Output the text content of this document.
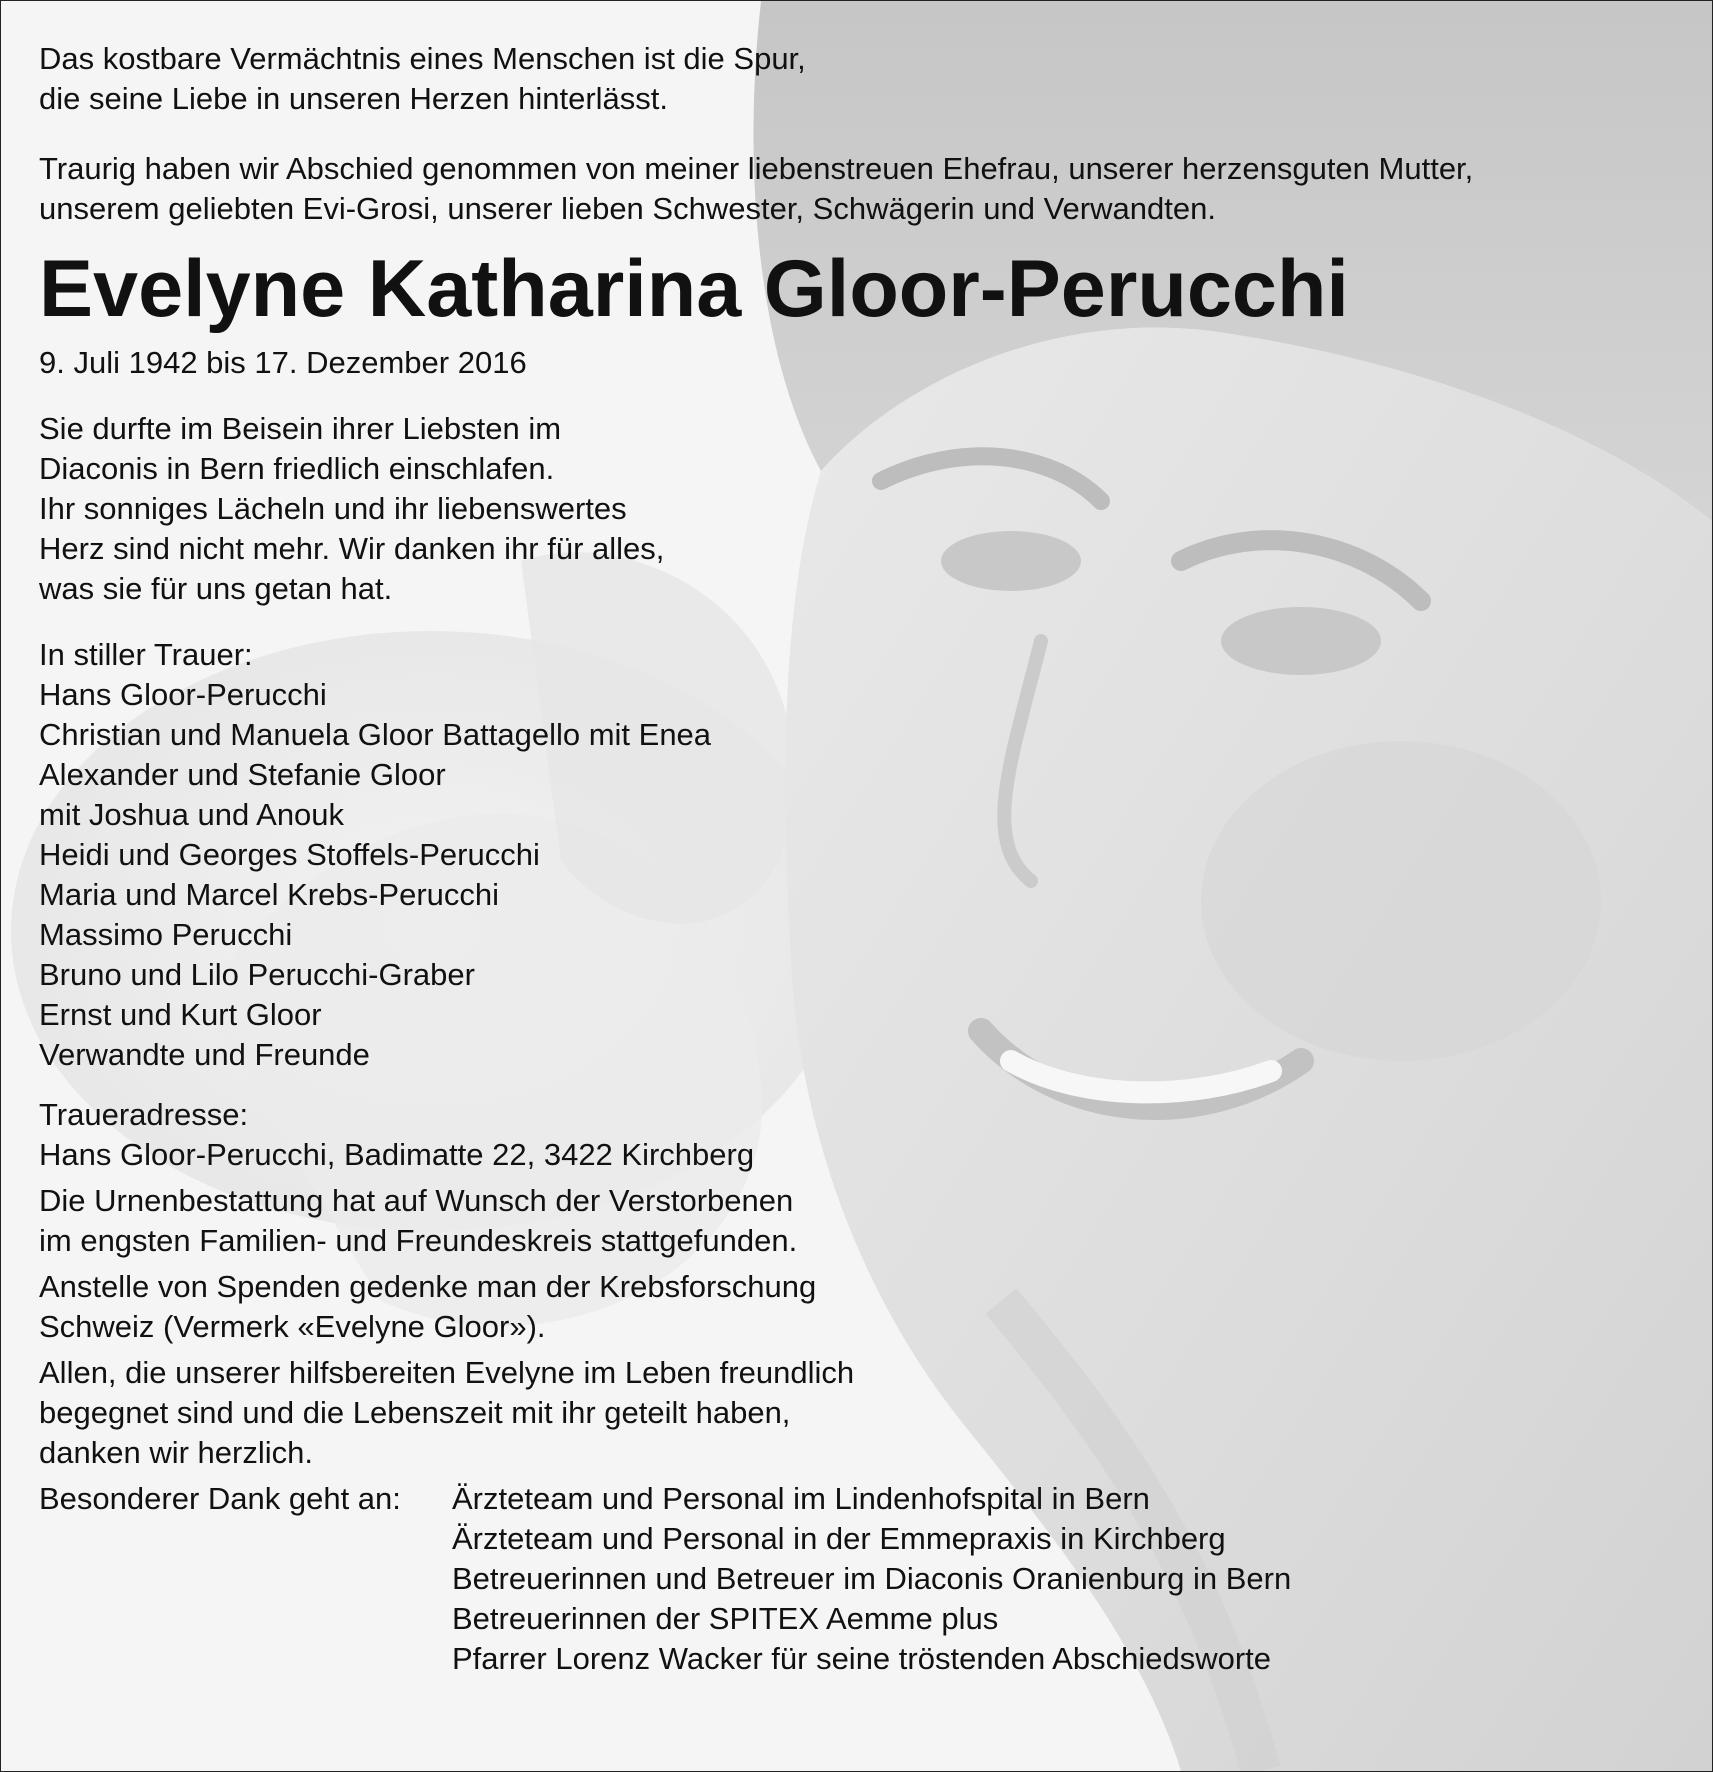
Das kostbare Vermächtnis eines Menschen ist die Spur,
die seine Liebe in unseren Herzen hinterlässt.
Traurig haben wir Abschied genommen von meiner liebenstreuen Ehefrau, unserer herzensguten Mutter,
unserem geliebten Evi-Grosi, unserer lieben Schwester, Schwägerin und Verwandten.
Evelyne Katharina Gloor-Perucchi
9. Juli 1942 bis 17. Dezember 2016
Sie durfte im Beisein ihrer Liebsten im
Diaconis in Bern friedlich einschlafen.
Ihr sonniges Lächeln und ihr liebenswertes
Herz sind nicht mehr. Wir danken ihr für alles,
was sie für uns getan hat.
In stiller Trauer:
Hans Gloor-Perucchi
Christian und Manuela Gloor Battagello mit Enea
Alexander und Stefanie Gloor
mit Joshua und Anouk
Heidi und Georges Stoffels-Perucchi
Maria und Marcel Krebs-Perucchi
Massimo Perucchi
Bruno und Lilo Perucchi-Graber
Ernst und Kurt Gloor
Verwandte und Freunde
Traueradresse:
Hans Gloor-Perucchi, Badimatte 22, 3422 Kirchberg
Die Urnenbestattung hat auf Wunsch der Verstorbenen
im engsten Familien- und Freundeskreis stattgefunden.
Anstelle von Spenden gedenke man der Krebsforschung
Schweiz (Vermerk «Evelyne Gloor»).
Allen, die unserer hilfsbereiten Evelyne im Leben freundlich
begegnet sind und die Lebenszeit mit ihr geteilt haben,
danken wir herzlich.
Besonderer Dank geht an:	Ärzteteam und Personal im Lindenhofspital in Bern
Ärzteteam und Personal in der Emmepraxis in Kirchberg
Betreuerinnen und Betreuer im Diaconis Oranienburg in Bern
Betreuerinnen der SPITEX Aemme plus
Pfarrer Lorenz Wacker für seine tröstenden Abschiedsworte
